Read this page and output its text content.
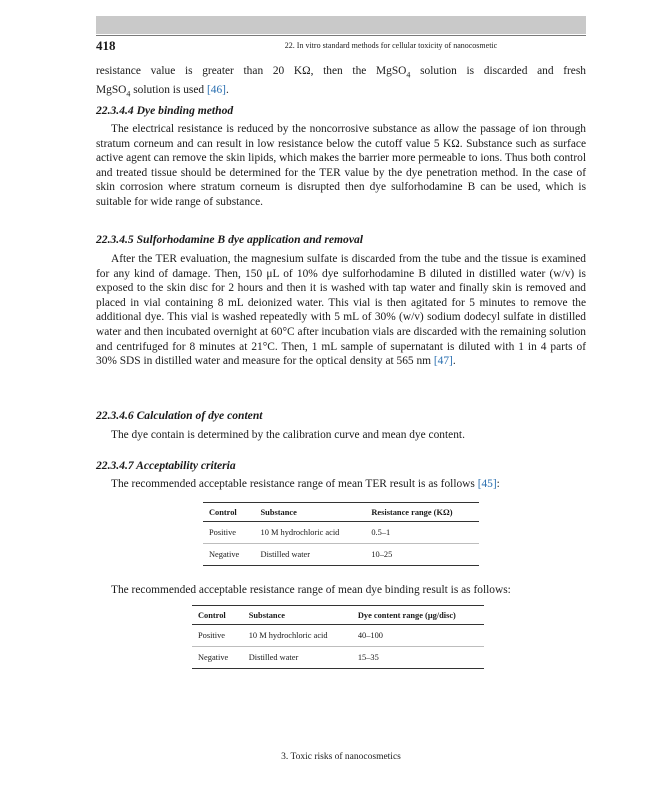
418	22. In vitro standard methods for cellular toxicity of nanocosmetic
resistance value is greater than 20 KΩ, then the MgSO$_4$ solution is discarded and fresh
MgSO$_4$ solution is used [46].
22.3.4.4 Dye binding method

The electrical resistance is reduced by the noncorrosive substance as allow the passage of ion through stratum corneum and can result in low resistance below the cutoff value 5 KΩ. Substance such as surface active agent can remove the skin lipids, which makes the barrier more permeable to ions. Thus both control and treated tissue should be determined for the TER value by the dye penetration method. In the case of skin corrosion where stratum corneum is disrupted then dye sulforhodamine B can be used, which is suitable for wide range of substance.

22.3.4.5 Sulforhodamine B dye application and removal

After the TER evaluation, the magnesium sulfate is discarded from the tube and the tissue is examined for any kind of damage. Then, 150 μL of 10% dye sulforhodamine B diluted in distilled water (w/v) is exposed to the skin disc for 2 hours and then it is washed with tap water and finally skin is removed and placed in vial containing 8 mL deionized water. This vial is then agitated for 5 minutes to remove the additional dye. This vial is washed repeatedly with 5 mL of 30% (w/v) sodium dodecyl sulfate in distilled water and then incubated overnight at 60°C after incubation vials are discarded with the remaining solution and centrifuged for 8 minutes at 21°C. Then, 1 mL sample of supernatant is diluted with 1 in 4 parts of 30% SDS in distilled water and measure for the optical density at 565 nm [47].

22.3.4.6 Calculation of dye content

The dye contain is determined by the calibration curve and mean dye content.

22.3.4.7 Acceptability criteria

The recommended acceptable resistance range of mean TER result is as follows [45]:

Control	Substance	Resistance range (KΩ)
Positive	10 M hydrochloric acid	0.5–1
Negative	Distilled water	10–25

The recommended acceptable resistance range of mean dye binding result is as follows:

Control	Substance	Dye content range (μg/disc)
Positive	10 M hydrochloric acid	40–100
Negative	Distilled water	15–35
3. Toxic risks of nanocosmetics
